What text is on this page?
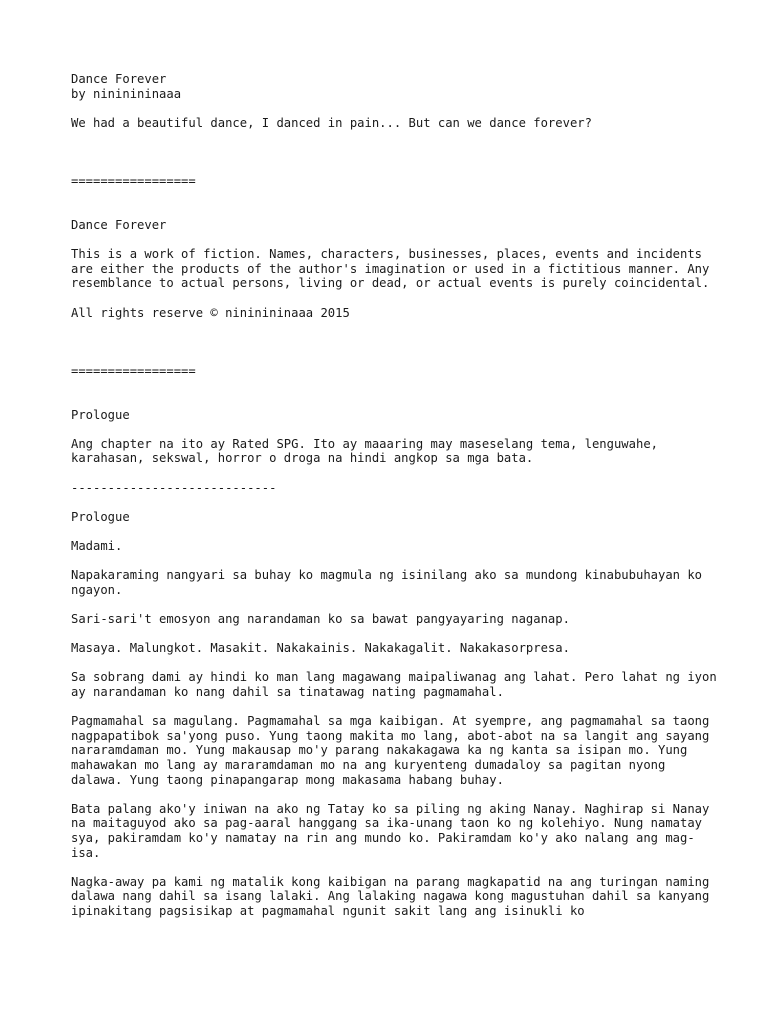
Dance Forever

by nininininaaa

We had a beautiful dance, I danced in pain... But can we dance forever?

=================

Dance Forever

This is a work of fiction. Names, characters, businesses, places, events and incidents are either the products of the author's imagination or used in a fictitious manner. Any resemblance to actual persons, living or dead, or actual events is purely coincidental.

All rights reserve © nininininaaa 2015

=================

Prologue

Ang chapter na ito ay Rated SPG. Ito ay maaaring may maseselang tema, lenguwahe, karahasan, sekswal, horror o droga na hindi angkop sa mga bata.

----------------------------

Prologue

Madami.

Napakaraming nangyari sa buhay ko magmula ng isinilang ako sa mundong kinabubuhayan ko ngayon.

Sari-sari't emosyon ang narandaman ko sa bawat pangyayaring naganap.

Masaya. Malungkot. Masakit. Nakakainis. Nakakagalit. Nakakasorpresa.

Sa sobrang dami ay hindi ko man lang magawang maipaliwanag ang lahat. Pero lahat ng iyon ay narandaman ko nang dahil sa tinatawag nating pagmamahal.

Pagmamahal sa magulang. Pagmamahal sa mga kaibigan. At syempre, ang pagmamahal sa taong nagpapatibok sa'yong puso. Yung taong makita mo lang, abot-abot na sa langit ang sayang nararamdaman mo. Yung makausap mo'y parang nakakagawa ka ng kanta sa isipan mo. Yung mahawakan mo lang ay mararamdaman mo na ang kuryenteng dumadaloy sa pagitan nyong dalawa. Yung taong pinapangarap mong makasama habang buhay.

Bata palang ako'y iniwan na ako ng Tatay ko sa piling ng aking Nanay. Naghirap si Nanay na maitaguyod ako sa pag-aaral hanggang sa ika-unang taon ko ng kolehiyo. Nung namatay sya, pakiramdam ko'y namatay na rin ang mundo ko. Pakiramdam ko'y ako nalang ang mag-isa.

Nagka-away pa kami ng matalik kong kaibigan na parang magkapatid na ang turingan naming dalawa nang dahil sa isang lalaki. Ang lalaking nagawa kong magustuhan dahil sa kanyang ipinakitang pagsisikap at pagmamahal ngunit sakit lang ang isinukli ko
